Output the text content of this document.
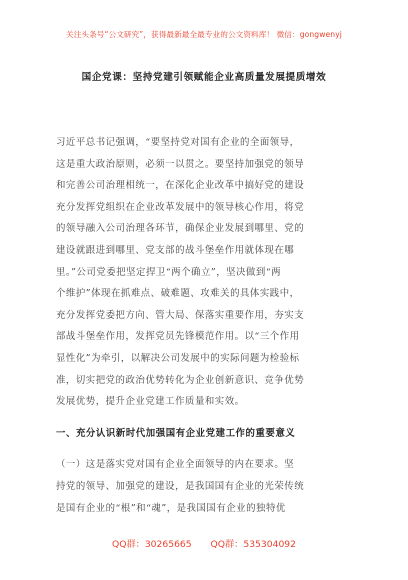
关注头条号“公文研究”，获得最新最全最专业的公文资料库！ 微信：gongwenyj
国企党课：坚持党建引领赋能企业高质量发展提质增效
习近平总书记强调，“要坚持党对国有企业的全面领导，
这是重大政治原则，必须一以贯之。要坚持加强党的领导
和完善公司治理相统一，在深化企业改革中搞好党的建设
充分发挥党组织在企业改革发展中的领导核心作用，将党
的领导融入公司治理各环节，确保企业发展到哪里、党的
建设就跟进到哪里、党支部的战斗堡垒作用就体现在哪
里。”公司党委把坚定捍卫“两个确立”，坚决做到“两
个维护”体现在抓难点、破难题、攻难关的具体实践中，
充分发挥党委把方向、管大局、保落实重要作用，夯实支
部战斗堡垒作用，发挥党员先锋模范作用。以“三个作用
显性化”为牵引，以解决公司发展中的实际问题为检验标
准，切实把党的政治优势转化为企业创新意识、竞争优势
发展优势，提升企业党建工作质量和实效。
一、充分认识新时代加强国有企业党建工作的重要意义
（一）这是落实党对国有企业全面领导的内在要求。坚
持党的领导、加强党的建设，是我国国有企业的光荣传统
是国有企业的“根”和“魂”，是我国国有企业的独特优
QQ群：30265665 QQ群：535304092
